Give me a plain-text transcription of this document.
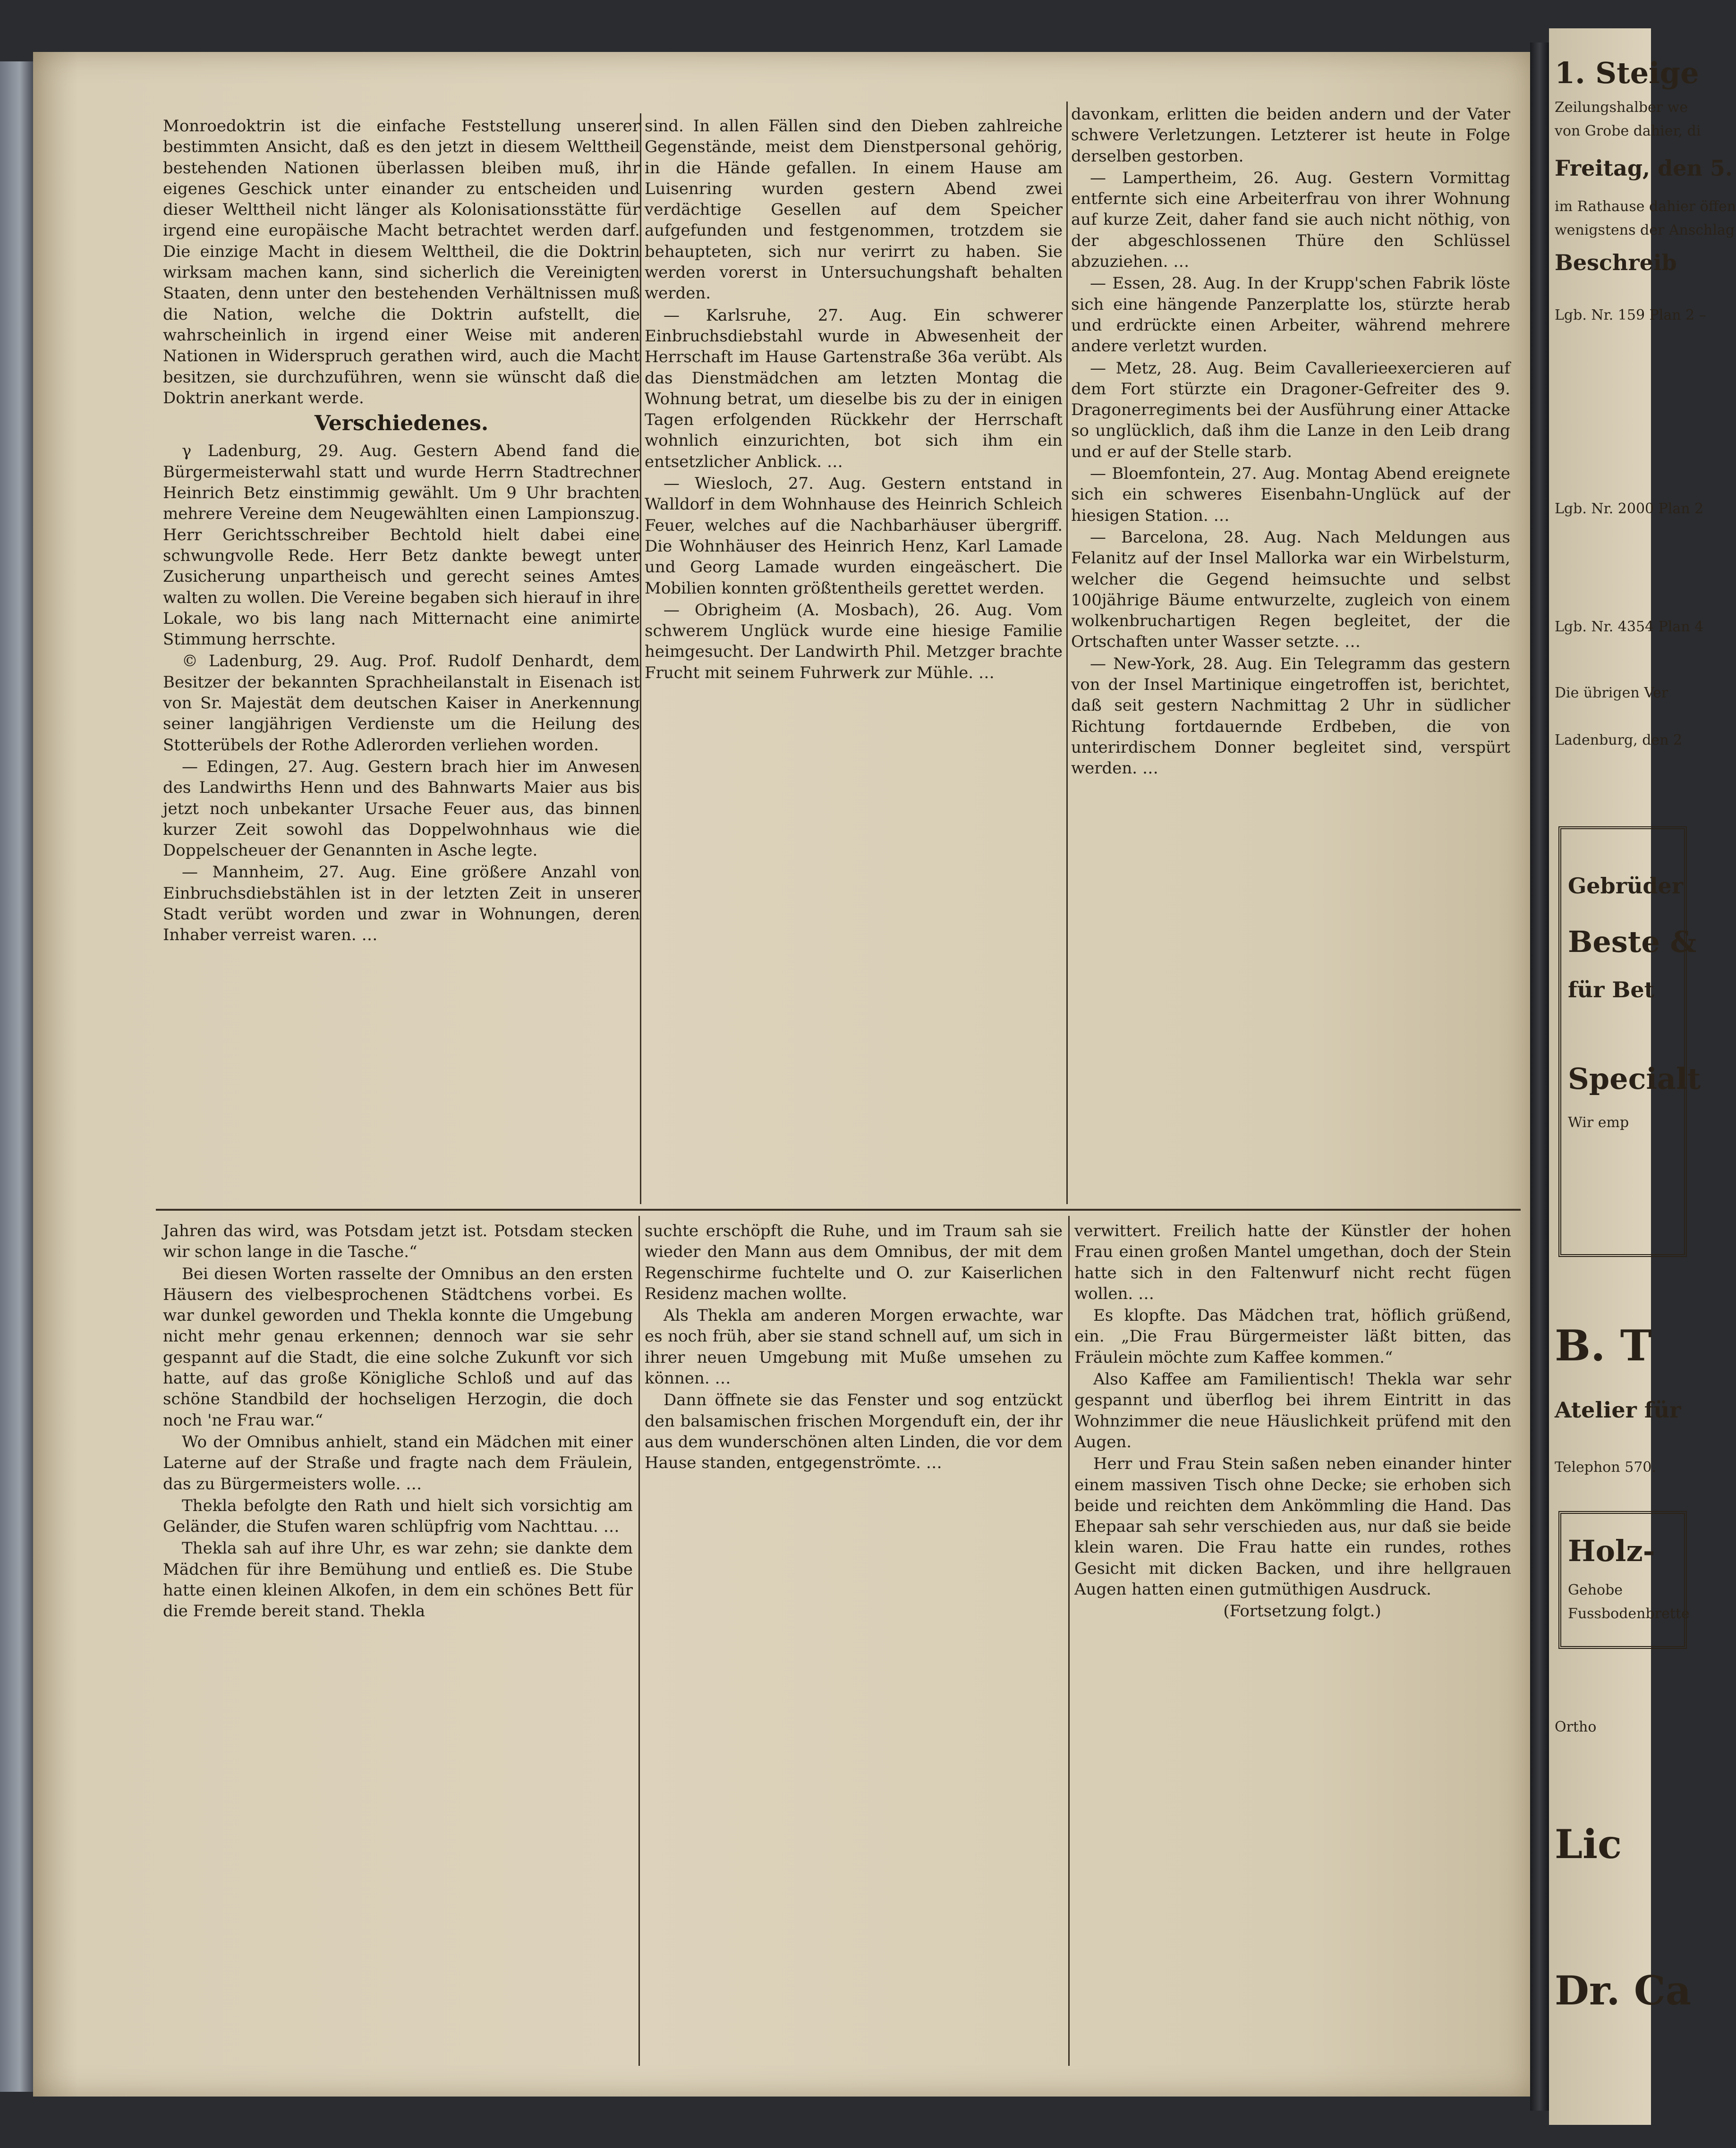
Monroedoktrin ist die einfache Feststellung unserer bestimmten Ansicht, daß es den jetzt in diesem Welttheil bestehenden Nationen überlassen bleiben muß, ihr eigenes Geschick unter einander zu entscheiden und dieser Welttheil nicht länger als Kolonisationsstätte für irgend eine europäische Macht betrachtet werden darf. Die einzige Macht in diesem Welttheil, die die Doktrin wirksam machen kann, sind sicherlich die Vereinigten Staaten, denn unter den bestehenden Verhältnissen muß die Nation, welche die Doktrin aufstellt, die wahrscheinlich in irgend einer Weise mit anderen Nationen in Widerspruch gerathen wird, auch die Macht besitzen, sie durchzuführen, wenn sie wünscht daß die Doktrin anerkant werde.

Verschiedenes.

γ Ladenburg, 29. Aug. Gestern Abend fand die Bürgermeisterwahl statt und wurde Herrn Stadtrechner Heinrich Betz einstimmig gewählt. Um 9 Uhr brachten mehrere Vereine dem Neugewählten einen Lampionszug. Herr Gerichtsschreiber Bechtold hielt dabei eine schwungvolle Rede. Herr Betz dankte bewegt unter Zusicherung unpartheisch und gerecht seines Amtes walten zu wollen. Die Vereine begaben sich hierauf in ihre Lokale, wo bis lang nach Mitternacht eine animirte Stimmung herrschte.

© Ladenburg, 29. Aug. Prof. Rudolf Denhardt, dem Besitzer der bekannten Sprachheilanstalt in Eisenach ist von Sr. Majestät dem deutschen Kaiser in Anerkennung seiner langjährigen Verdienste um die Heilung des Stotterübels der Rothe Adlerorden verliehen worden.

— Edingen, 27. Aug. Gestern brach hier im Anwesen des Landwirths Henn und des Bahnwarts Maier aus bis jetzt noch unbekanter Ursache Feuer aus, das binnen kurzer Zeit sowohl das Doppelwohnhaus wie die Doppelscheuer der Genannten in Asche legte.

— Mannheim, 27. Aug. Eine größere Anzahl von Einbruchsdiebstählen ist in der letzten Zeit in unserer Stadt verübt worden und zwar in Wohnungen, deren Inhaber verreist waren. …

sind. In allen Fällen sind den Dieben zahlreiche Gegenstände, meist dem Dienstpersonal gehörig, in die Hände gefallen. In einem Hause am Luisenring wurden gestern Abend zwei verdächtige Gesellen auf dem Speicher aufgefunden und festgenommen, trotzdem sie behaupteten, sich nur verirrt zu haben. Sie werden vorerst in Untersuchungshaft behalten werden.

— Karlsruhe, 27. Aug. Ein schwerer Einbruchsdiebstahl wurde in Abwesenheit der Herrschaft im Hause Gartenstraße 36a verübt. Als das Dienstmädchen am letzten Montag die Wohnung betrat, um dieselbe bis zu der in einigen Tagen erfolgenden Rückkehr der Herrschaft wohnlich einzurichten, bot sich ihm ein entsetzlicher Anblick. …

— Wiesloch, 27. Aug. Gestern entstand in Walldorf in dem Wohnhause des Heinrich Schleich Feuer, welches auf die Nachbarhäuser übergriff. Die Wohnhäuser des Heinrich Henz, Karl Lamade und Georg Lamade wurden eingeäschert. Die Mobilien konnten größtentheils gerettet werden.

— Obrigheim (A. Mosbach), 26. Aug. Vom schwerem Unglück wurde eine hiesige Familie heimgesucht. Der Landwirth Phil. Metzger brachte Frucht mit seinem Fuhrwerk zur Mühle. …

davonkam, erlitten die beiden andern und der Vater schwere Verletzungen. Letzterer ist heute in Folge derselben gestorben.

— Lampertheim, 26. Aug. Gestern Vormittag entfernte sich eine Arbeiterfrau von ihrer Wohnung auf kurze Zeit, daher fand sie auch nicht nöthig, von der abgeschlossenen Thüre den Schlüssel abzuziehen. …

— Essen, 28. Aug. In der Krupp'schen Fabrik löste sich eine hängende Panzerplatte los, stürzte herab und erdrückte einen Arbeiter, während mehrere andere verletzt wurden.

— Metz, 28. Aug. Beim Cavallerieexercieren auf dem Fort stürzte ein Dragoner-Gefreiter des 9. Dragonerregiments bei der Ausführung einer Attacke so unglücklich, daß ihm die Lanze in den Leib drang und er auf der Stelle starb.

— Bloemfontein, 27. Aug. Montag Abend ereignete sich ein schweres Eisenbahn-Unglück auf der hiesigen Station. …

— Barcelona, 28. Aug. Nach Meldungen aus Felanitz auf der Insel Mallorka war ein Wirbelsturm, welcher die Gegend heimsuchte und selbst 100jährige Bäume entwurzelte, zugleich von einem wolkenbruchartigen Regen begleitet, der die Ortschaften unter Wasser setzte. …

— New-York, 28. Aug. Ein Telegramm das gestern von der Insel Martinique eingetroffen ist, berichtet, daß seit gestern Nachmittag 2 Uhr in südlicher Richtung fortdauernde Erdbeben, die von unterirdischem Donner begleitet sind, verspürt werden. …

Jahren das wird, was Potsdam jetzt ist. Potsdam stecken wir schon lange in die Tasche.“

Bei diesen Worten rasselte der Omnibus an den ersten Häusern des vielbesprochenen Städtchens vorbei. Es war dunkel geworden und Thekla konnte die Umgebung nicht mehr genau erkennen; dennoch war sie sehr gespannt auf die Stadt, die eine solche Zukunft vor sich hatte, auf das große Königliche Schloß und auf das schöne Standbild der hochseligen Herzogin, die doch noch 'ne Frau war.“

Wo der Omnibus anhielt, stand ein Mädchen mit einer Laterne auf der Straße und fragte nach dem Fräulein, das zu Bürgermeisters wolle. …

Thekla befolgte den Rath und hielt sich vorsichtig am Geländer, die Stufen waren schlüpfrig vom Nachttau. …

Thekla sah auf ihre Uhr, es war zehn; sie dankte dem Mädchen für ihre Bemühung und entließ es. Die Stube hatte einen kleinen Alkofen, in dem ein schönes Bett für die Fremde bereit stand. Thekla

suchte erschöpft die Ruhe, und im Traum sah sie wieder den Mann aus dem Omnibus, der mit dem Regenschirme fuchtelte und O. zur Kaiserlichen Residenz machen wollte.

Als Thekla am anderen Morgen erwachte, war es noch früh, aber sie stand schnell auf, um sich in ihrer neuen Umgebung mit Muße umsehen zu können. …

Dann öffnete sie das Fenster und sog entzückt den balsamischen frischen Morgenduft ein, der ihr aus dem wunderschönen alten Linden, die vor dem Hause standen, entgegenströmte. …

verwittert. Freilich hatte der Künstler der hohen Frau einen großen Mantel umgethan, doch der Stein hatte sich in den Faltenwurf nicht recht fügen wollen. …

Es klopfte. Das Mädchen trat, höflich grüßend, ein. „Die Frau Bürgermeister läßt bitten, das Fräulein möchte zum Kaffee kommen.“

Also Kaffee am Familientisch! Thekla war sehr gespannt und überflog bei ihrem Eintritt in das Wohnzimmer die neue Häuslichkeit prüfend mit den Augen.

Herr und Frau Stein saßen neben einander hinter einem massiven Tisch ohne Decke; sie erhoben sich beide und reichten dem Ankömmling die Hand. Das Ehepaar sah sehr verschieden aus, nur daß sie beide klein waren. Die Frau hatte ein rundes, rothes Gesicht mit dicken Backen, und ihre hellgrauen Augen hatten einen gutmüthigen Ausdruck.

(Fortsetzung folgt.)

1. Steige
Zeilungshalber we
von Grobe dahier, di
Freitag, den 5.
im Rathause dahier öffen
wenigstens der Anschlag
Beschreib
Lgb. Nr. 159 Plan 2 –
Lgb. Nr. 2000 Plan 2
Lgb. Nr. 4354 Plan 4
Die übrigen Ver
Ladenburg, den 2
Gebrüder
Beste &
für Bet
Specialt
Wir emp
B. T
Atelier für
Telephon 570.
Holz-
Gehobe
Fussbodenbrette
Ortho
Lic
Dr. Ca
